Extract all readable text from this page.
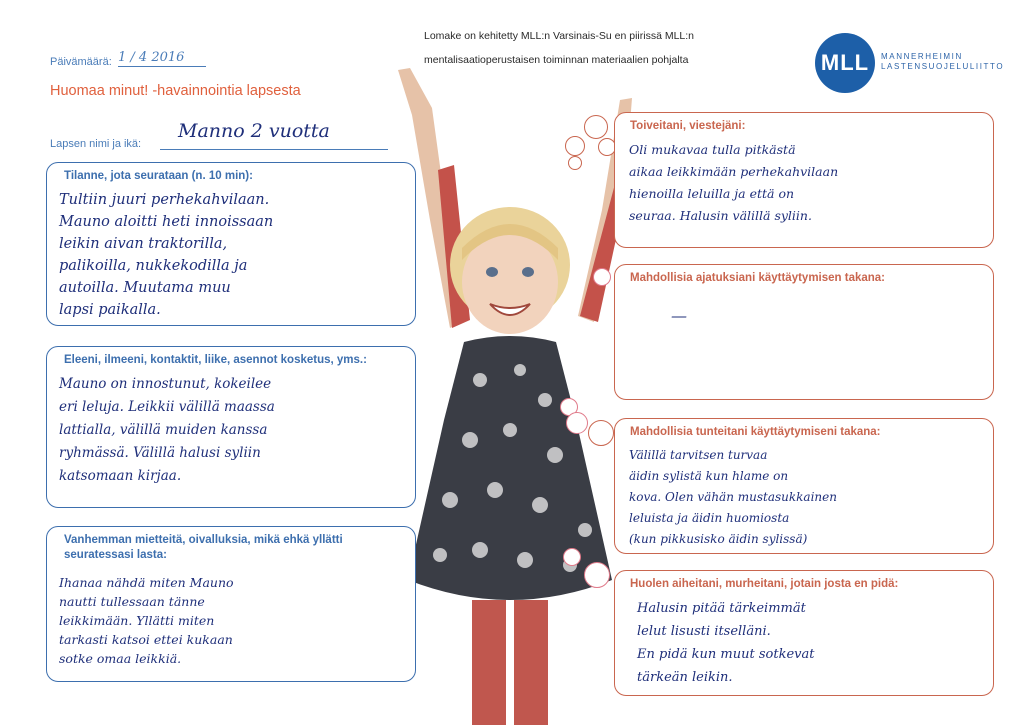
Lomake on kehitetty MLL:n Varsinais-Su en piirissä MLL:n
mentalisaatioperustaisen toiminnan materiaalien pohjalta	MLL	MANNERHEIMIN
LASTENSUOJELULIITTO
Päivämäärä: 1 / 4 2016
Huomaa minut! -havainnointia lapsesta
Lapsen nimi ja ikä:
Manno 2 vuotta
Tilanne, jota seurataan (n. 10 min):
Tultiin juuri perhekahvilaan.
Mauno aloitti heti innoissaan
leikin aivan traktorilla,
palikoilla, nukkekodilla ja
autoilla. Muutama muu
lapsi paikalla.
Eleeni, ilmeeni, kontaktit, liike, asennot kosketus, yms.:
Mauno on innostunut, kokeilee
eri leluja. Leikkii välillä maassa
lattialla, välillä muiden kanssa
ryhmässä. Välillä halusi syliin
katsomaan kirjaa.
Vanhemman mietteitä, oivalluksia, mikä ehkä yllätti seuratessasi lasta:
Ihanaa nähdä miten Mauno
nautti tullessaan tänne
leikkimään. Yllätti miten
tarkasti katsoi ettei kukaan
sotke omaa leikkiä.
Toiveitani, viestejäni:
Oli mukavaa tulla pitkästä
aikaa leikkimään perhekahvilaan
hienoilla leluilla ja että on
seuraa. Halusin välillä syliin.
Mahdollisia ajatuksiani käyttäytymisen takana:
—
Mahdollisia tunteitani käyttäytymiseni takana:
Välillä tarvitsen turvaa
äidin sylistä kun hlame on
kova. Olen vähän mustasukkainen
leluista ja äidin huomiosta
(kun pikkusisko äidin sylissä)
Huolen aiheitani, murheitani, jotain josta en pidä:
Halusin pitää tärkeimmät
lelut lisusti itselläni.
En pidä kun muut sotkevat
tärkeän leikin.
